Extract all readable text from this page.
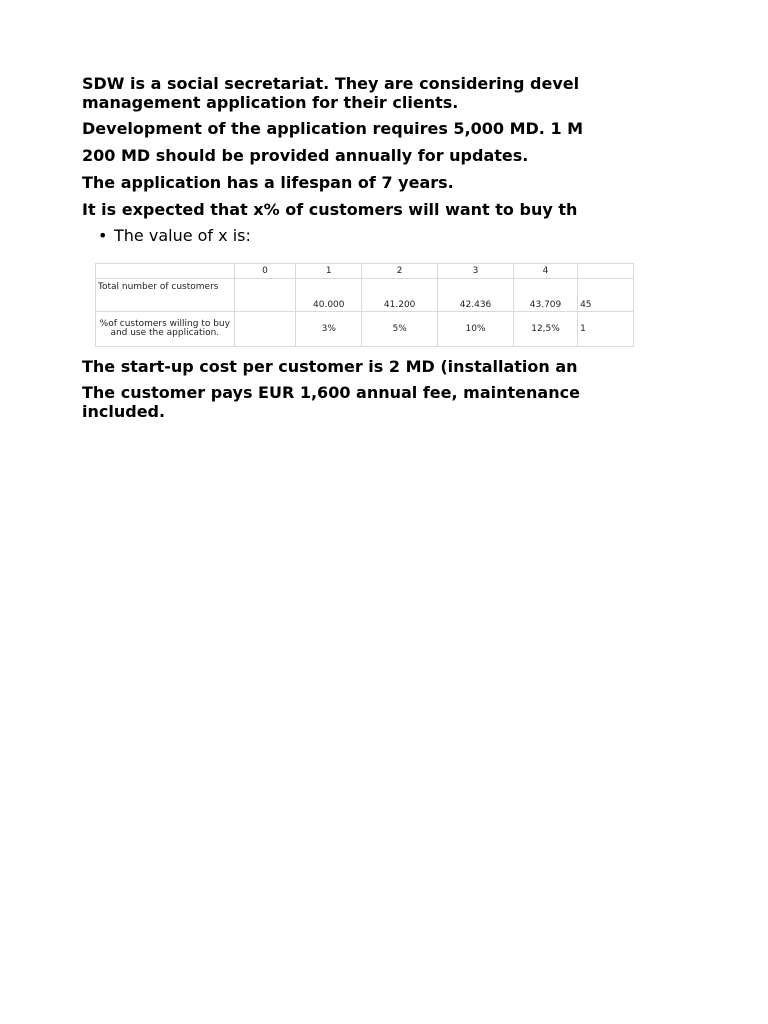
SDW is a social secretariat. They are considering devel
management application for their clients.

Development of the application requires 5,000 MD. 1 M

200 MD should be provided annually for updates.

The application has a lifespan of 7 years.

It is expected that x% of customers will want to buy th

• The value of x is:

	0	1	2	3	4	
Total number of customers		40.000	41.200	42.436	43.709	45
%of customers willing to buy and use the application.		3%	5%	10%	12,5%	1

The start-up cost per customer is 2 MD (installation an

The customer pays EUR 1,600 annual fee, maintenance
included.
